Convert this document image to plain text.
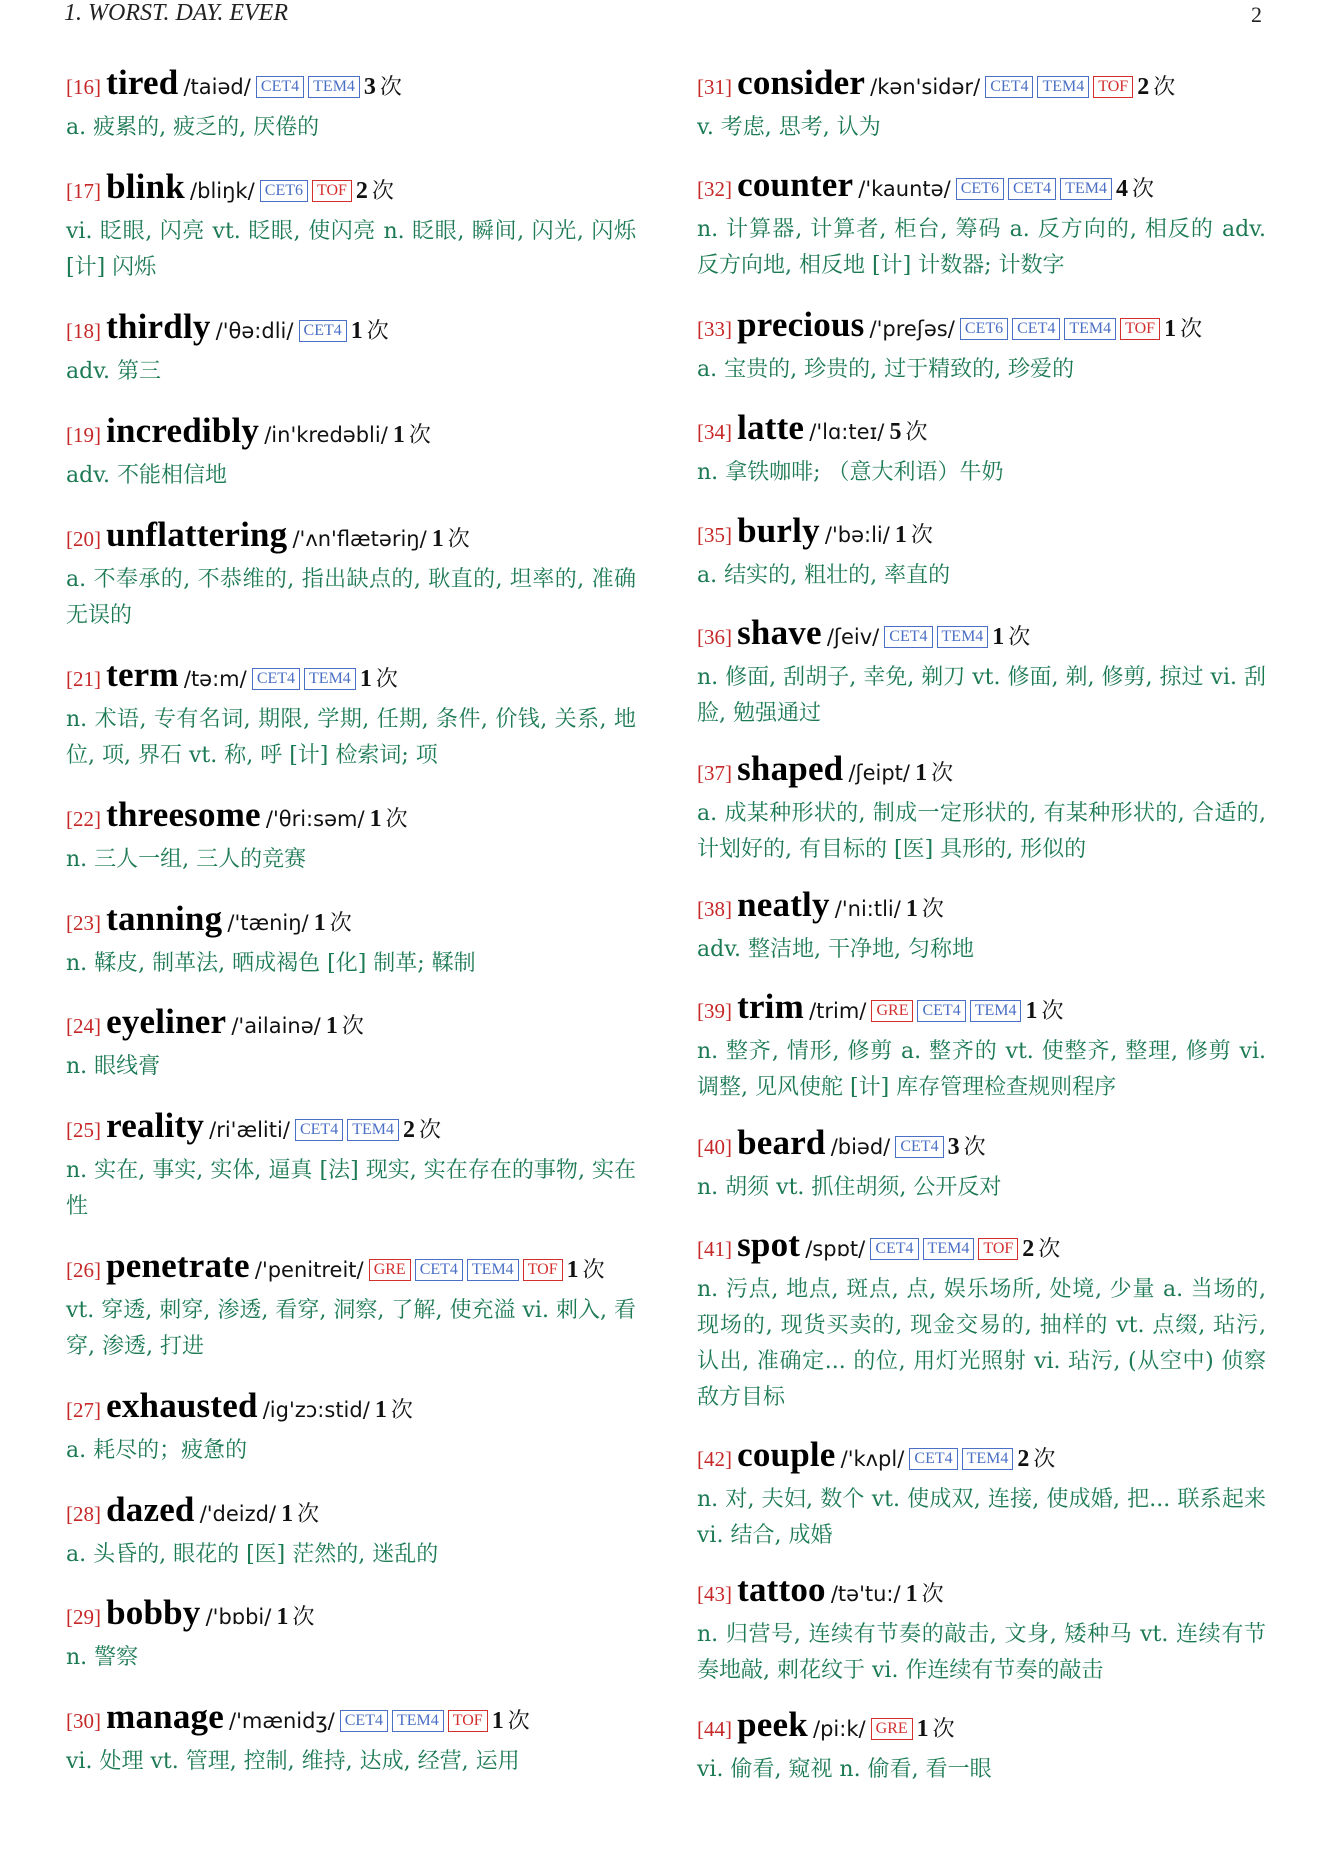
1. WORST. DAY. EVER	2
[16] tired /taiəd/ CET4 TEM4 3 次
a. 疲累的, 疲乏的, 厌倦的
[17] blink /bliŋk/ CET6 TOF 2 次
vi. 眨眼, 闪亮 vt. 眨眼, 使闪亮 n. 眨眼, 瞬间, 闪光, 闪烁 [计] 闪烁
[18] thirdly /'θə:dli/ CET4 1 次
adv. 第三
[19] incredibly /in'kredəbli/ 1 次
adv. 不能相信地
[20] unflattering /'ʌn'flætəriŋ/ 1 次
a. 不奉承的, 不恭维的, 指出缺点的, 耿直的, 坦率的, 准确无误的
[21] term /tə:m/ CET4 TEM4 1 次
n. 术语, 专有名词, 期限, 学期, 任期, 条件, 价钱, 关系, 地位, 项, 界石 vt. 称, 呼 [计] 检索词; 项
[22] threesome /'θri:səm/ 1 次
n. 三人一组, 三人的竞赛
[23] tanning /'tæniŋ/ 1 次
n. 鞣皮, 制革法, 晒成褐色 [化] 制革; 鞣制
[24] eyeliner /'ailainə/ 1 次
n. 眼线膏
[25] reality /ri'æliti/ CET4 TEM4 2 次
n. 实在, 事实, 实体, 逼真 [法] 现实, 实在存在的事物, 实在性
[26] penetrate /'penitreit/ GRE CET4 TEM4 TOF 1 次
vt. 穿透, 刺穿, 渗透, 看穿, 洞察, 了解, 使充溢 vi. 刺入, 看穿, 渗透, 打进
[27] exhausted /ig'zɔ:stid/ 1 次
a. 耗尽的；疲惫的
[28] dazed /'deizd/ 1 次
a. 头昏的, 眼花的 [医] 茫然的, 迷乱的
[29] bobby /'bɒbi/ 1 次
n. 警察
[30] manage /'mænidʒ/ CET4 TEM4 TOF 1 次
vi. 处理 vt. 管理, 控制, 维持, 达成, 经营, 运用
[31] consider /kən'sidər/ CET4 TEM4 TOF 2 次
v. 考虑, 思考, 认为
[32] counter /'kauntə/ CET6 CET4 TEM4 4 次
n. 计算器, 计算者, 柜台, 筹码 a. 反方向的, 相反的 adv. 反方向地, 相反地 [计] 计数器; 计数字
[33] precious /'preʃəs/ CET6 CET4 TEM4 TOF 1 次
a. 宝贵的, 珍贵的, 过于精致的, 珍爱的
[34] latte /'lɑ:teɪ/ 5 次
n. 拿铁咖啡; （意大利语）牛奶
[35] burly /'bə:li/ 1 次
a. 结实的, 粗壮的, 率直的
[36] shave /ʃeiv/ CET4 TEM4 1 次
n. 修面, 刮胡子, 幸免, 剃刀 vt. 修面, 剃, 修剪, 掠过 vi. 刮脸, 勉强通过
[37] shaped /ʃeipt/ 1 次
a. 成某种形状的, 制成一定形状的, 有某种形状的, 合适的, 计划好的, 有目标的 [医] 具形的, 形似的
[38] neatly /'ni:tli/ 1 次
adv. 整洁地, 干净地, 匀称地
[39] trim /trim/ GRE CET4 TEM4 1 次
n. 整齐, 情形, 修剪 a. 整齐的 vt. 使整齐, 整理, 修剪 vi. 调整, 见风使舵 [计] 库存管理检查规则程序
[40] beard /biəd/ CET4 3 次
n. 胡须 vt. 抓住胡须, 公开反对
[41] spot /spɒt/ CET4 TEM4 TOF 2 次
n. 污点, 地点, 斑点, 点, 娱乐场所, 处境, 少量 a. 当场的, 现场的, 现货买卖的, 现金交易的, 抽样的 vt. 点缀, 玷污, 认出, 准确定... 的位, 用灯光照射 vi. 玷污, (从空中) 侦察敌方目标
[42] couple /'kʌpl/ CET4 TEM4 2 次
n. 对, 夫妇, 数个 vt. 使成双, 连接, 使成婚, 把... 联系起来 vi. 结合, 成婚
[43] tattoo /tə'tu:/ 1 次
n. 归营号, 连续有节奏的敲击, 文身, 矮种马 vt. 连续有节奏地敲, 刺花纹于 vi. 作连续有节奏的敲击
[44] peek /pi:k/ GRE 1 次
vi. 偷看, 窥视 n. 偷看, 看一眼
